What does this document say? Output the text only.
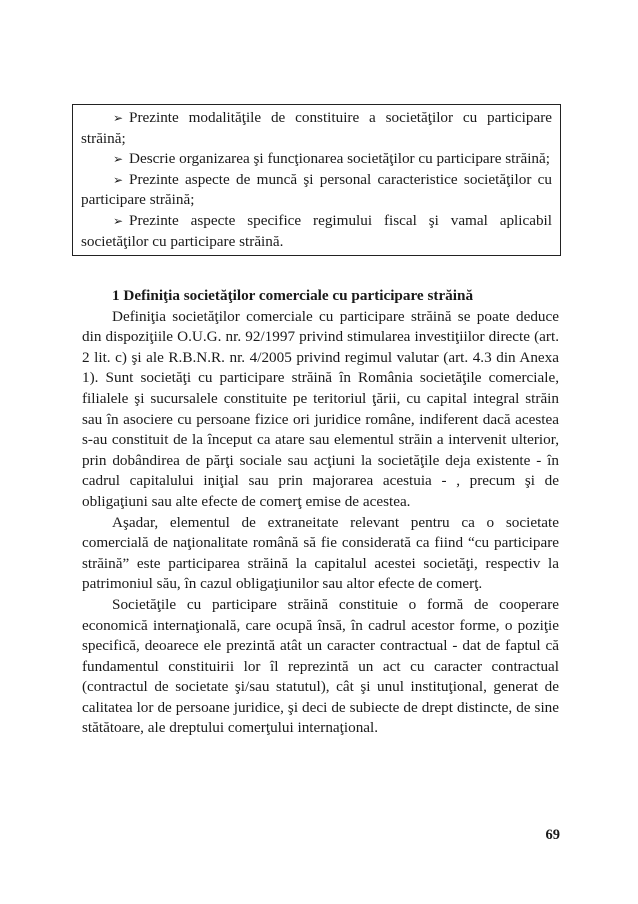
➢ Prezinte modalităţile de constituire a societăţilor cu participare străină;

➢ Descrie organizarea şi funcţionarea societăţilor cu participare străină;

➢ Prezinte aspecte de muncă şi personal caracteristice societăţilor cu participare străină;

➢ Prezinte aspecte specifice regimului fiscal şi vamal aplicabil societăţilor cu participare străină.

1 Definiţia societăţilor comerciale cu participare străină

Definiţia societăţilor comerciale cu participare străină se poate deduce din dispoziţiile O.U.G. nr. 92/1997 privind stimularea investiţiilor directe (art. 2 lit. c) şi ale R.B.N.R. nr. 4/2005 privind regimul valutar (art. 4.3 din Anexa 1). Sunt societăţi cu participare străină în România societăţile comerciale, filialele şi sucursalele constituite pe teritoriul ţării, cu capital integral străin sau în asociere cu persoane fizice ori juridice române, indiferent dacă acestea s-au constituit de la început ca atare sau elementul străin a intervenit ulterior, prin dobândirea de părţi sociale sau acţiuni la societăţile deja existente - în cadrul capitalului iniţial sau prin majorarea acestuia - , precum şi de obligaţiuni sau alte efecte de comerţ emise de acestea.

Aşadar, elementul de extraneitate relevant pentru ca o societate comercială de naţionalitate română să fie considerată ca fiind “cu participare străină” este participarea străină la capitalul acestei societăţi, respectiv la patrimoniul său, în cazul obligaţiunilor sau altor efecte de comerţ.

Societăţile cu participare străină constituie o formă de cooperare economică internaţională, care ocupă însă, în cadrul acestor forme, o poziţie specifică, deoarece ele prezintă atât un caracter contractual - dat de faptul că fundamentul constituirii lor îl reprezintă un act cu caracter contractual (contractul de societate şi/sau statutul), cât şi unul instituţional, generat de calitatea lor de persoane juridice, şi deci de subiecte de drept distincte, de sine stătătoare, ale dreptului comerţului internaţional.

69
